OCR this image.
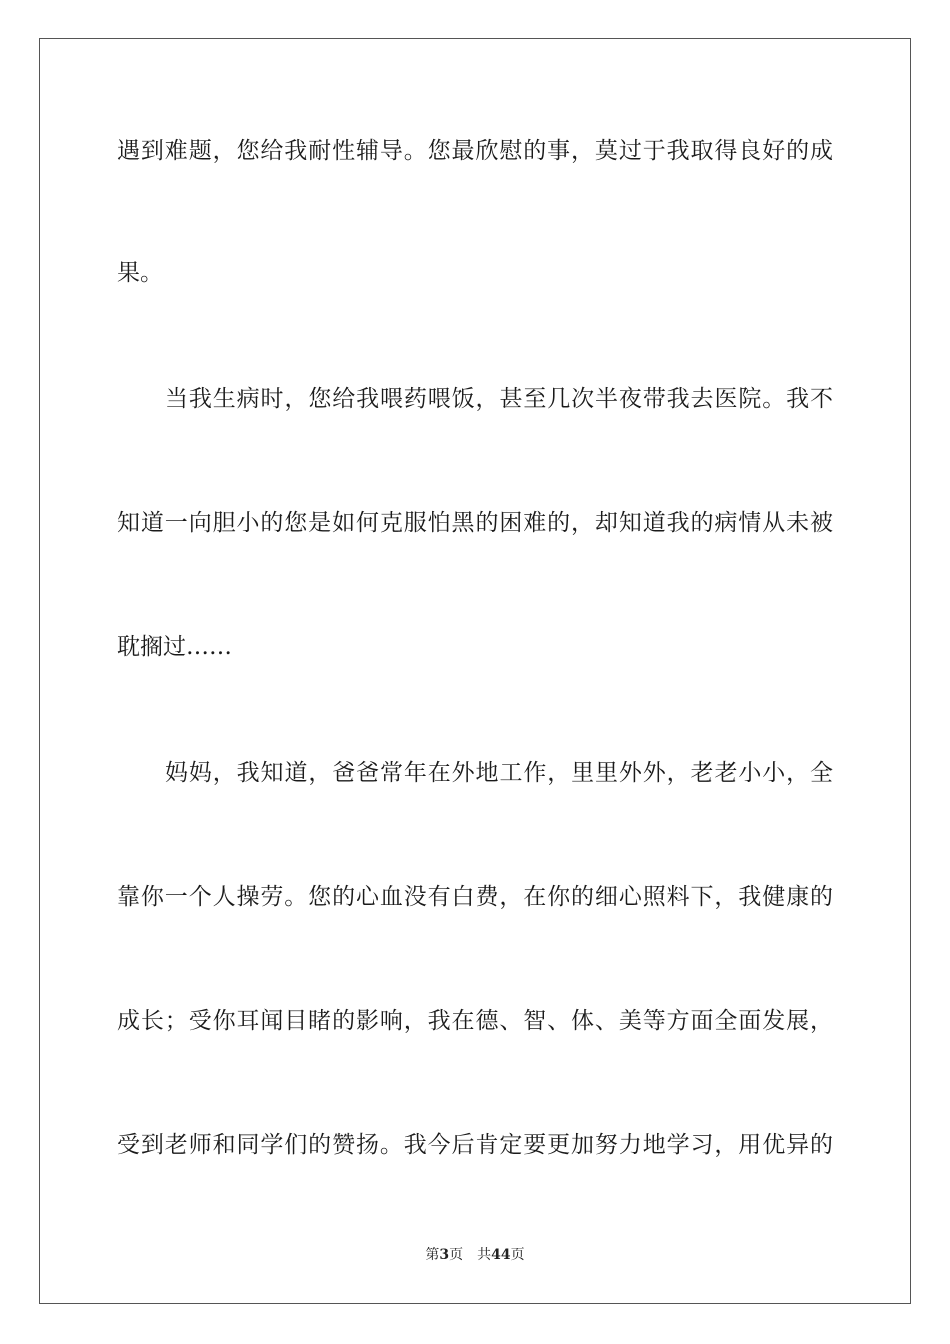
遇到难题，您给我耐性辅导。您最欣慰的事，莫过于我取得良好的成
果。
当我生病时，您给我喂药喂饭，甚至几次半夜带我去医院。我不
知道一向胆小的您是如何克服怕黑的困难的，却知道我的病情从未被
耽搁过……
妈妈，我知道，爸爸常年在外地工作，里里外外，老老小小，全
靠你一个人操劳。您的心血没有白费，在你的细心照料下，我健康的
成长；受你耳闻目睹的影响，我在德、智、体、美等方面全面发展，
受到老师和同学们的赞扬。我今后肯定要更加努力地学习，用优异的
第3页 共44页
